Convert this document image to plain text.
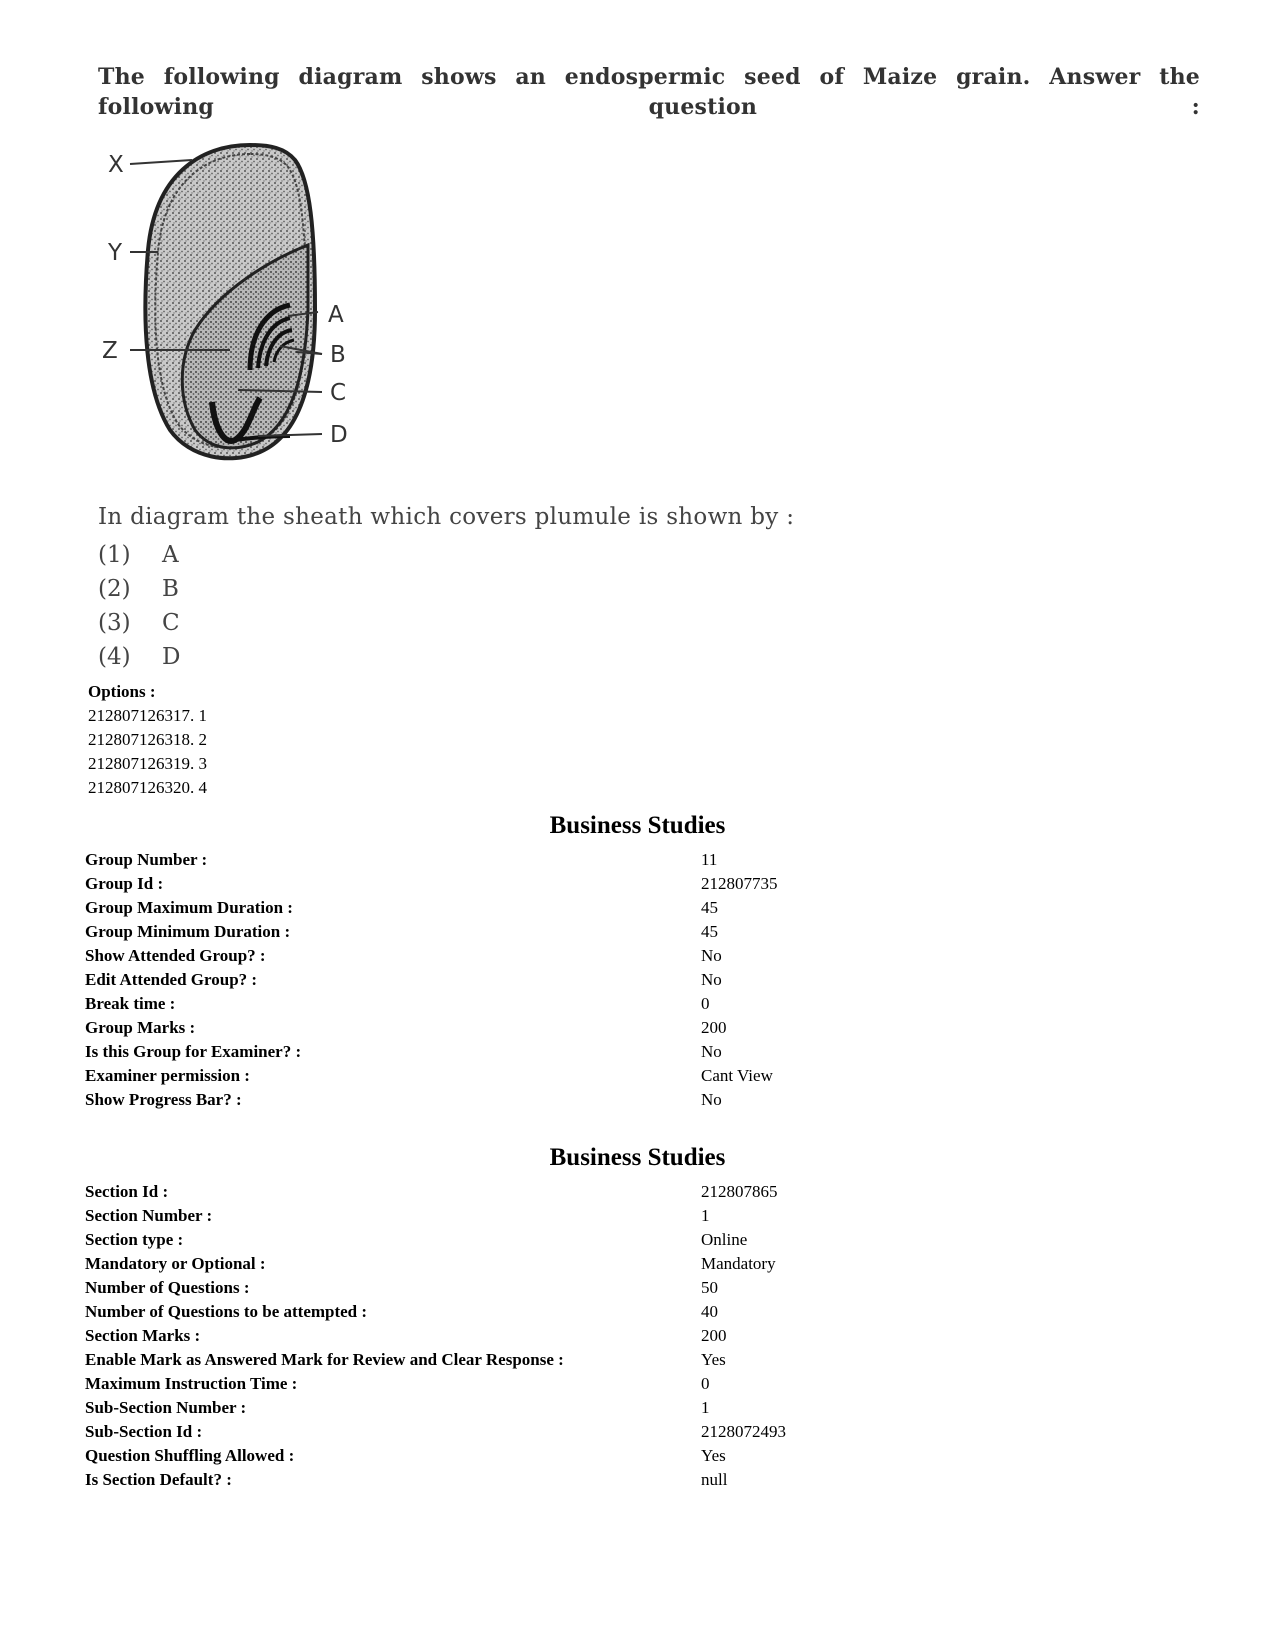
The following diagram shows an endospermic seed of Maize grain. Answer the following question :
X
Y
Z
A
B
C
D
In diagram the sheath which covers plumule is shown by :
(1)	A
(2)	B
(3)	C
(4)	D
Options :
212807126317. 1
212807126318. 2
212807126319. 3
212807126320. 4
Business Studies
Group Number :	11
Group Id :	212807735
Group Maximum Duration :	45
Group Minimum Duration :	45
Show Attended Group? :	No
Edit Attended Group? :	No
Break time :	0
Group Marks :	200
Is this Group for Examiner? :	No
Examiner permission :	Cant View
Show Progress Bar? :	No
Business Studies
Section Id :	212807865
Section Number :	1
Section type :	Online
Mandatory or Optional :	Mandatory
Number of Questions :	50
Number of Questions to be attempted :	40
Section Marks :	200
Enable Mark as Answered Mark for Review and Clear Response :	Yes
Maximum Instruction Time :	0
Sub-Section Number :	1
Sub-Section Id :	2128072493
Question Shuffling Allowed :	Yes
Is Section Default? :	null
